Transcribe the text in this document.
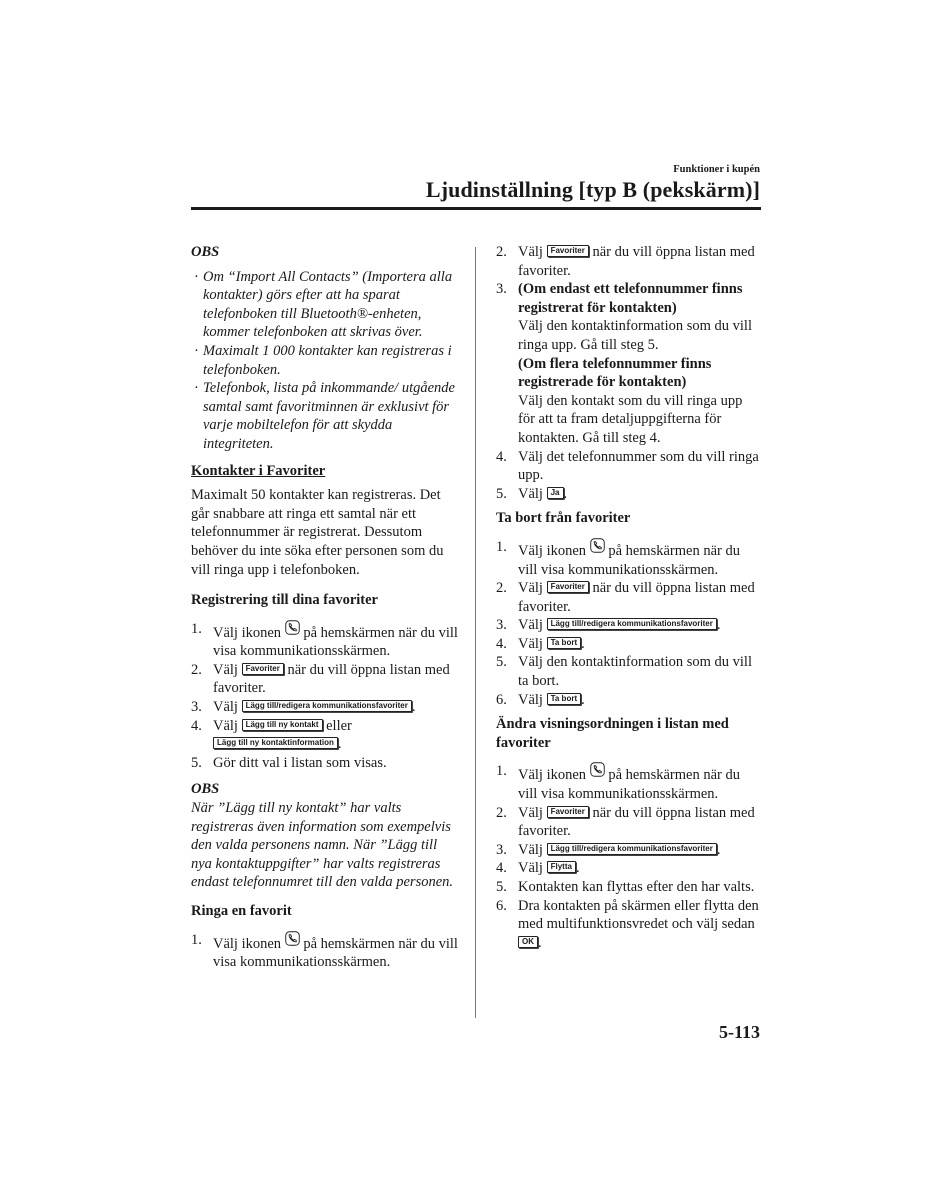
Funktioner i kupén
Ljudinställning [typ B (pekskärm)]
OBS
· Om “Import All Contacts” (Importera alla kontakter) görs efter att ha sparat telefonboken till Bluetooth®-enheten, kommer telefonboken att skrivas över.
· Maximalt 1 000 kontakter kan registreras i telefonboken.
· Telefonbok, lista på inkommande/ utgående samtal samt favoritminnen är exklusivt för varje mobiltelefon för att skydda integriteten.
Kontakter i Favoriter
Maximalt 50 kontakter kan registreras. Det går snabbare att ringa ett samtal när ett telefonnummer är registrerat. Dessutom behöver du inte söka efter personen som du vill ringa upp i telefonboken.
Registrering till dina favoriter
1. Välj ikonen på hemskärmen när du vill visa kommunikationsskärmen.
2. Välj Favoriter när du vill öppna listan med favoriter.
3. Välj Lägg till/redigera kommunikationsfavoriter .
4. Välj Lägg till ny kontakt eller
Lägg till ny kontaktinformation .
5. Gör ditt val i listan som visas.
OBS
När ”Lägg till ny kontakt” har valts registreras även information som exempelvis den valda personens namn. När ”Lägg till nya kontaktuppgifter” har valts registreras endast telefonnumret till den valda personen.
Ringa en favorit
1. Välj ikonen på hemskärmen när du vill visa kommunikationsskärmen.
2. Välj Favoriter när du vill öppna listan med favoriter.
3. (Om endast ett telefonnummer finns registrerat för kontakten)
Välj den kontaktinformation som du vill ringa upp. Gå till steg 5.
(Om flera telefonnummer finns registrerade för kontakten)
Välj den kontakt som du vill ringa upp för att ta fram detaljuppgifterna för kontakten. Gå till steg 4.
4. Välj det telefonnummer som du vill ringa upp.
5. Välj Ja .
Ta bort från favoriter
1. Välj ikonen på hemskärmen när du vill visa kommunikationsskärmen.
2. Välj Favoriter när du vill öppna listan med favoriter.
3. Välj Lägg till/redigera kommunikationsfavoriter .
4. Välj Ta bort .
5. Välj den kontaktinformation som du vill ta bort.
6. Välj Ta bort .
Ändra visningsordningen i listan med favoriter
1. Välj ikonen på hemskärmen när du vill visa kommunikationsskärmen.
2. Välj Favoriter när du vill öppna listan med favoriter.
3. Välj Lägg till/redigera kommunikationsfavoriter .
4. Välj Flytta .
5. Kontakten kan flyttas efter den har valts.
6. Dra kontakten på skärmen eller flytta den med multifunktionsvredet och välj sedan OK .
5-113
